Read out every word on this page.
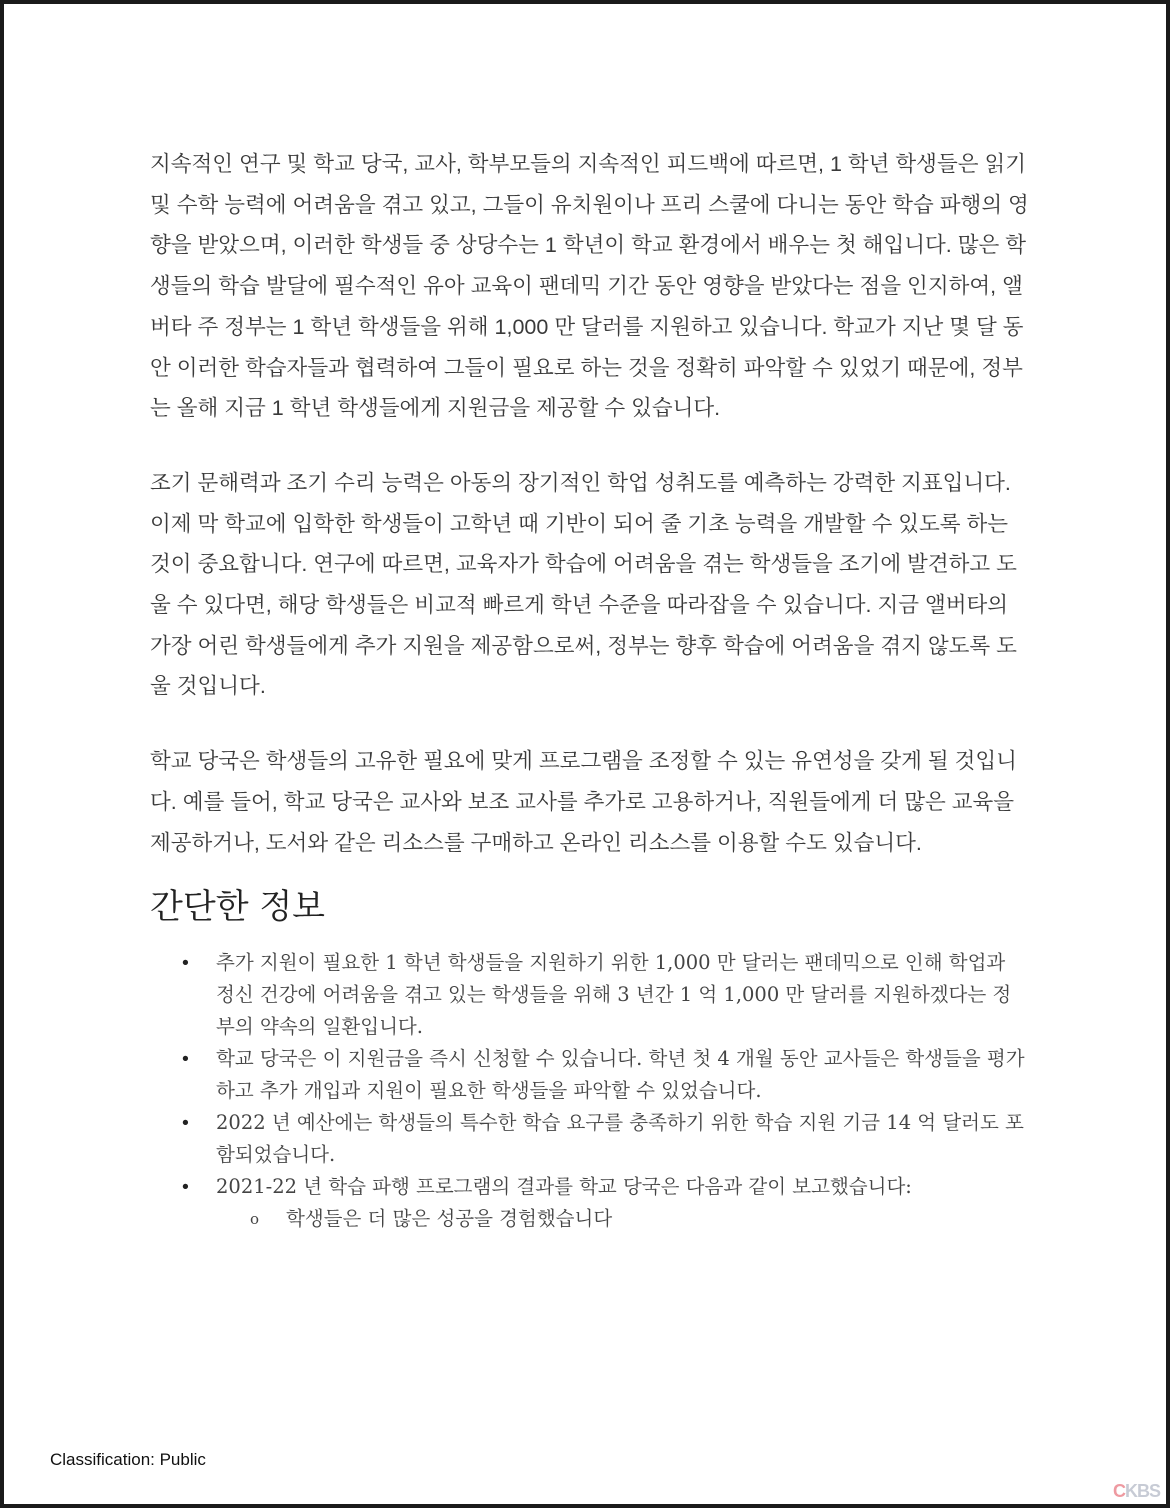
지속적인 연구 및 학교 당국, 교사, 학부모들의 지속적인 피드백에 따르면, 1 학년 학생들은 읽기 및 수학 능력에 어려움을 겪고 있고, 그들이 유치원이나 프리 스쿨에 다니는 동안 학습 파행의 영향을 받았으며, 이러한 학생들 중 상당수는 1 학년이 학교 환경에서 배우는 첫 해입니다. 많은 학생들의 학습 발달에 필수적인 유아 교육이 팬데믹 기간 동안 영향을 받았다는 점을 인지하여, 앨버타 주 정부는 1 학년 학생들을 위해 1,000 만 달러를 지원하고 있습니다. 학교가 지난 몇 달 동안 이러한 학습자들과 협력하여 그들이 필요로 하는 것을 정확히 파악할 수 있었기 때문에, 정부는 올해 지금 1 학년 학생들에게 지원금을 제공할 수 있습니다.

조기 문해력과 조기 수리 능력은 아동의 장기적인 학업 성취도를 예측하는 강력한 지표입니다. 이제 막 학교에 입학한 학생들이 고학년 때 기반이 되어 줄 기초 능력을 개발할 수 있도록 하는 것이 중요합니다. 연구에 따르면, 교육자가 학습에 어려움을 겪는 학생들을 조기에 발견하고 도울 수 있다면, 해당 학생들은 비교적 빠르게 학년 수준을 따라잡을 수 있습니다. 지금 앨버타의 가장 어린 학생들에게 추가 지원을 제공함으로써, 정부는 향후 학습에 어려움을 겪지 않도록 도울 것입니다.

학교 당국은 학생들의 고유한 필요에 맞게 프로그램을 조정할 수 있는 유연성을 갖게 될 것입니다. 예를 들어, 학교 당국은 교사와 보조 교사를 추가로 고용하거나, 직원들에게 더 많은 교육을 제공하거나, 도서와 같은 리소스를 구매하고 온라인 리소스를 이용할 수도 있습니다.

간단한 정보
• 추가 지원이 필요한 1 학년 학생들을 지원하기 위한 1,000 만 달러는 팬데믹으로 인해 학업과 정신 건강에 어려움을 겪고 있는 학생들을 위해 3 년간 1 억 1,000 만 달러를 지원하겠다는 정부의 약속의 일환입니다.
• 학교 당국은 이 지원금을 즉시 신청할 수 있습니다. 학년 첫 4 개월 동안 교사들은 학생들을 평가하고 추가 개입과 지원이 필요한 학생들을 파악할 수 있었습니다.
• 2022 년 예산에는 학생들의 특수한 학습 요구를 충족하기 위한 학습 지원 기금 14 억 달러도 포함되었습니다.
• 2021-22 년 학습 파행 프로그램의 결과를 학교 당국은 다음과 같이 보고했습니다:
o 학생들은 더 많은 성공을 경험했습니다
Classification: Public
CKBS
